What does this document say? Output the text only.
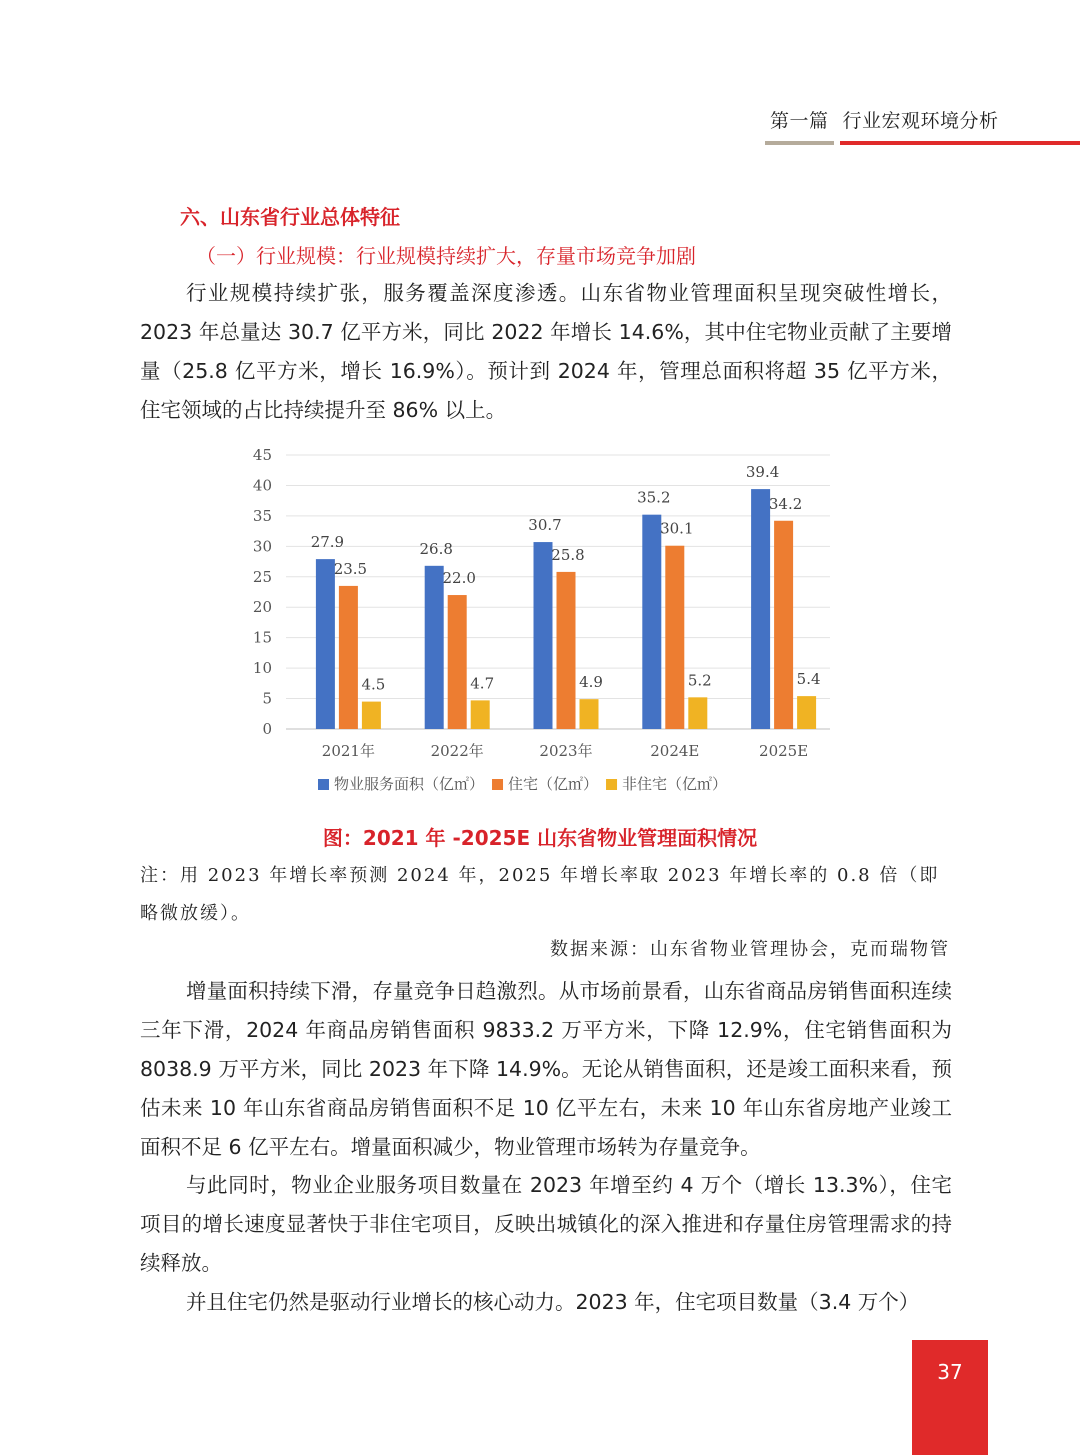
第一篇 行业宏观环境分析
六、山东省行业总体特征
（一）行业规模：行业规模持续扩大，存量市场竞争加剧

行业规模持续扩张，服务覆盖深度渗透。山东省物业管理面积呈现突破性增长，2023 年总量达 30.7 亿平方米，同比 2022 年增长 14.6%，其中住宅物业贡献了主要增量（25.8 亿平方米，增长 16.9%）。预计到 2024 年，管理总面积将超 35 亿平方米，住宅领域的占比持续提升至 86% 以上。

0
5
10
15
20
25
30
35
40
45
27.9
23.5
4.5
26.8
22.0
4.7
30.7
25.8
4.9
35.2
30.1
5.2
39.4
34.2
5.4
2021年	2022年	2023年	2024E	2025E
物业服务面积（亿㎡） 住宅（亿㎡） 非住宅（亿㎡）
图：2021 年 -2025E 山东省物业管理面积情况

注：用 2023 年增长率预测 2024 年，2025 年增长率取 2023 年增长率的 0.8 倍（即略微放缓）。

数据来源：山东省物业管理协会，克而瑞物管

增量面积持续下滑，存量竞争日趋激烈。从市场前景看，山东省商品房销售面积连续三年下滑，2024 年商品房销售面积 9833.2 万平方米，下降 12.9%，住宅销售面积为 8038.9 万平方米，同比 2023 年下降 14.9%。无论从销售面积，还是竣工面积来看，预估未来 10 年山东省商品房销售面积不足 10 亿平左右，未来 10 年山东省房地产业竣工面积不足 6 亿平左右。增量面积减少，物业管理市场转为存量竞争。

与此同时，物业企业服务项目数量在 2023 年增至约 4 万个（增长 13.3%），住宅项目的增长速度显著快于非住宅项目，反映出城镇化的深入推进和存量住房管理需求的持续释放。

并且住宅仍然是驱动行业增长的核心动力。2023 年，住宅项目数量（3.4 万个）

37
